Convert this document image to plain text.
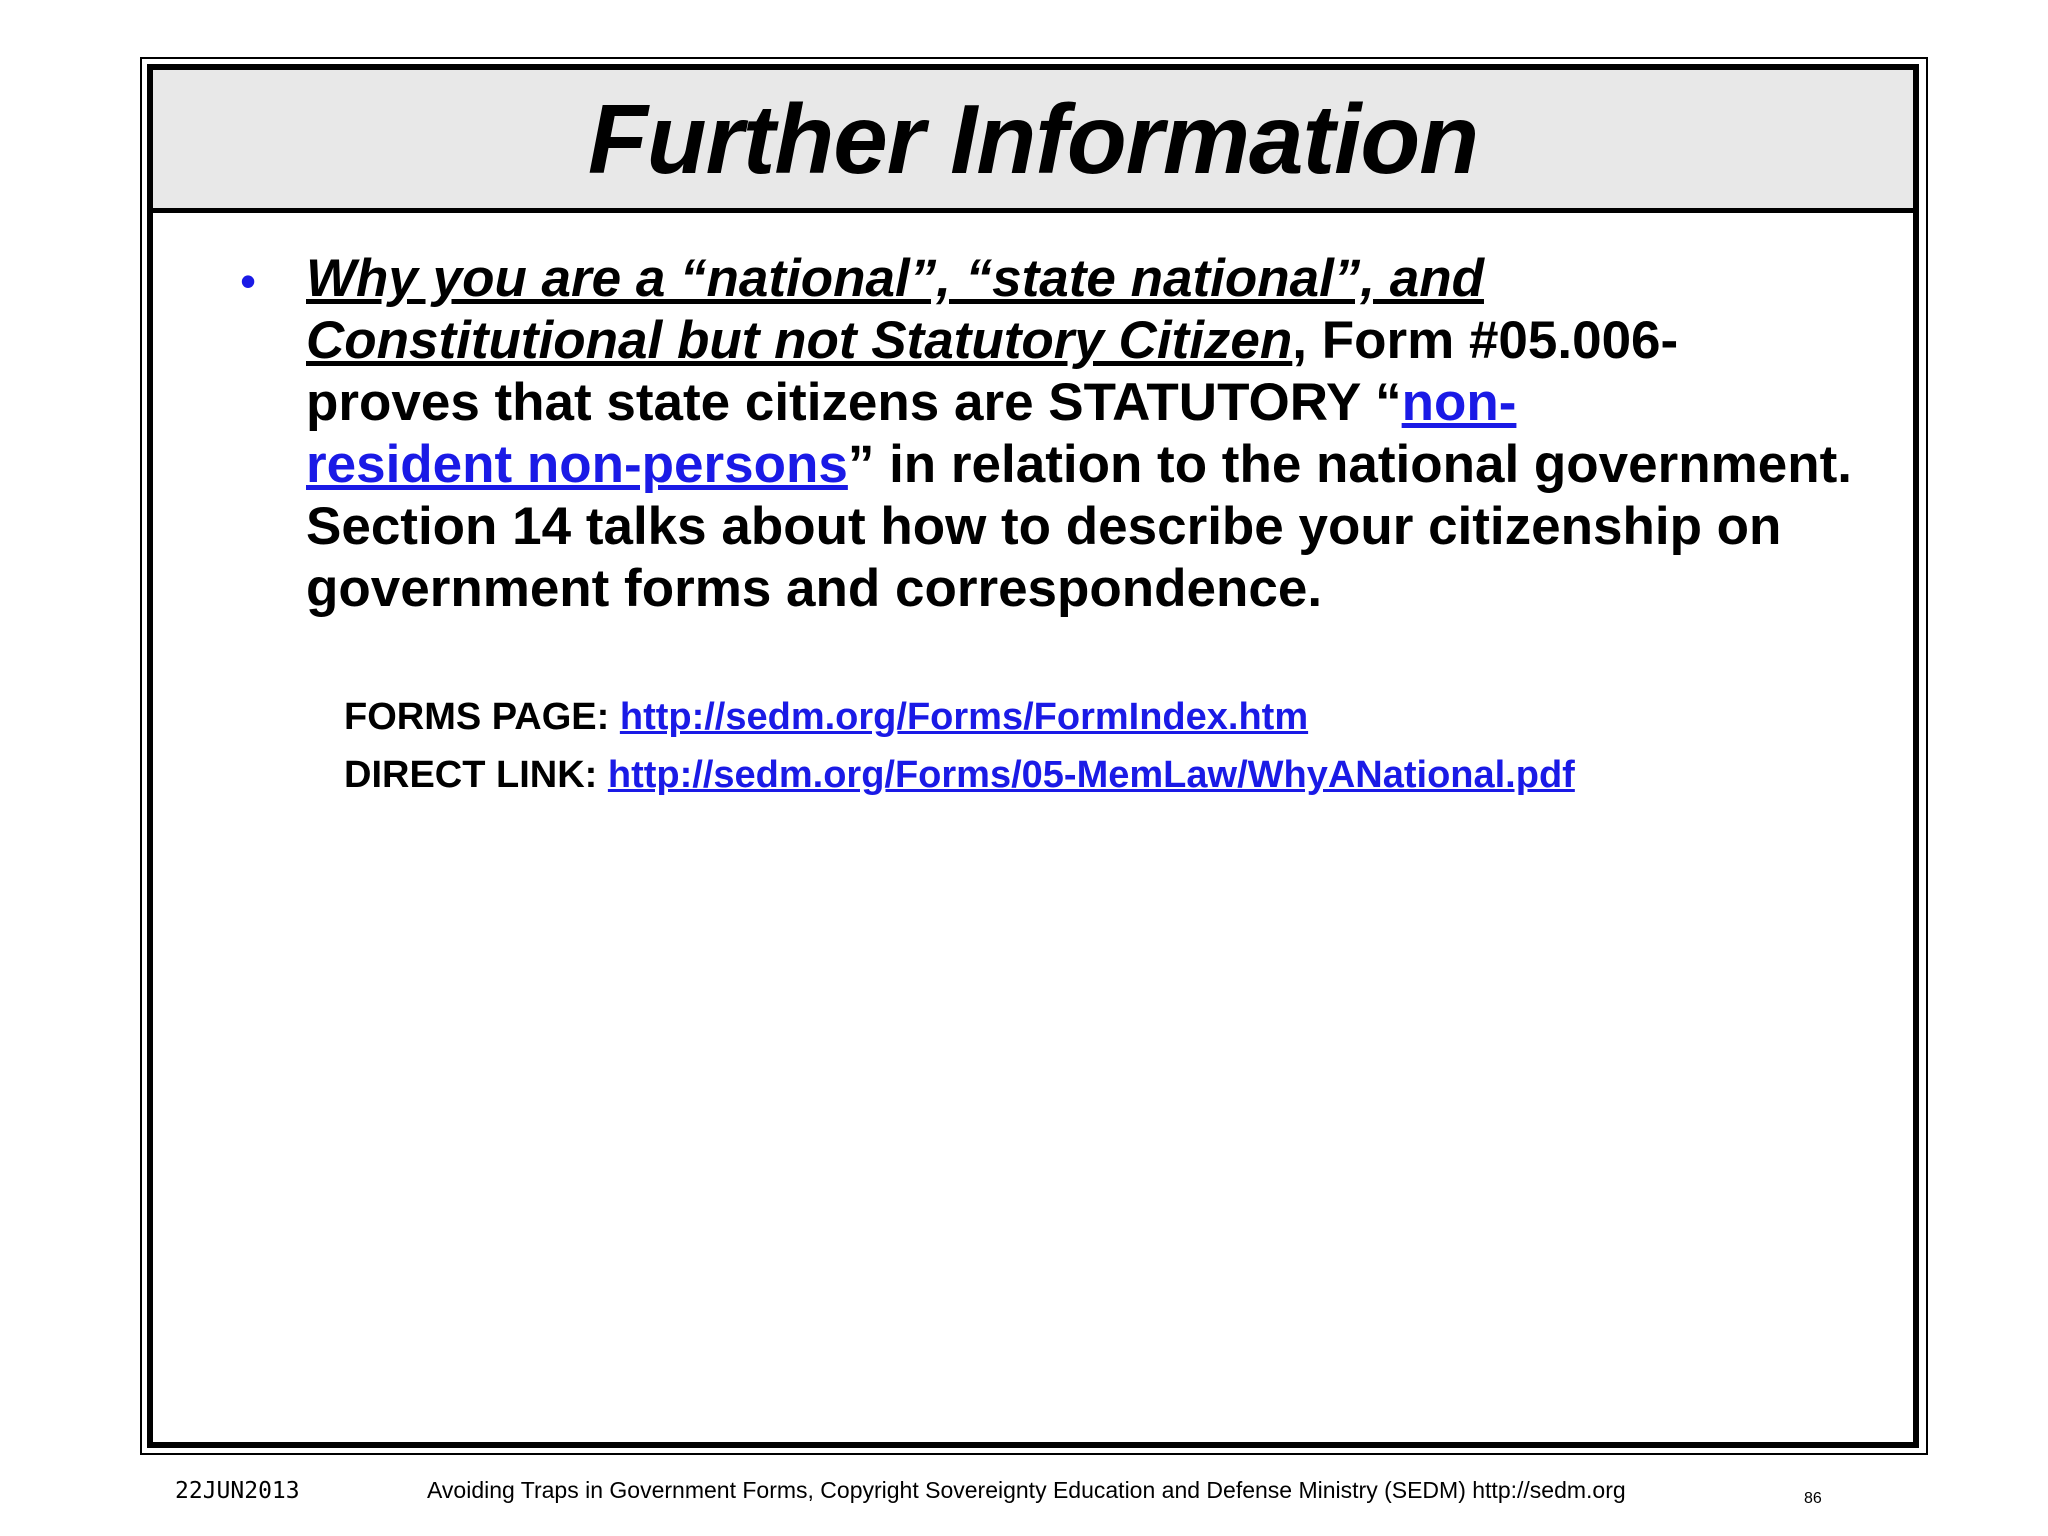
Further Information
• Why you are a “national”, “state national”, and
Constitutional but not Statutory Citizen, Form #05.006-
proves that state citizens are STATUTORY “non-
resident non-persons” in relation to the national government. Section 14 talks about how to describe your citizenship on government forms and correspondence.
FORMS PAGE: http://sedm.org/Forms/FormIndex.htm
DIRECT LINK: http://sedm.org/Forms/05-MemLaw/WhyANational.pdf
22JUN2013	Avoiding Traps in Government Forms, Copyright Sovereignty Education and Defense Ministry (SEDM) http://sedm.org	86
